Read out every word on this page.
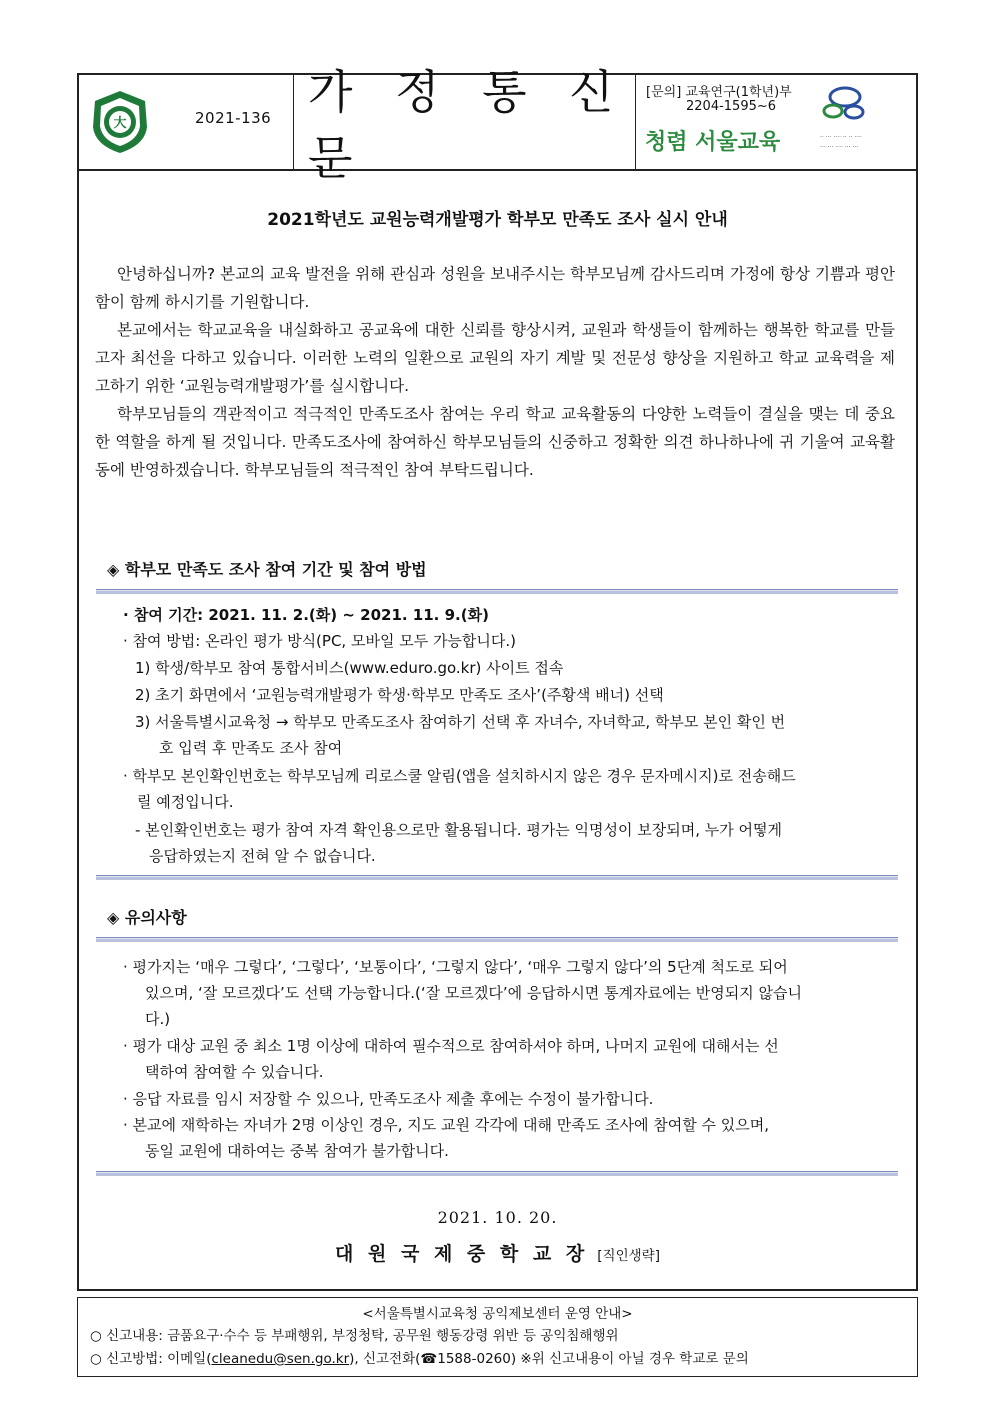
大	2021-136 가 정 통 신 문
[문의] 교육연구(1학년)부
2204-1595~6
청렴 서울교육	·· ··· ···· ·· ·· ····
··· ··· ···· ··· ···
2021학년도 교원능력개발평가 학부모 만족도 조사 실시 안내
안녕하십니까? 본교의 교육 발전을 위해 관심과 성원을 보내주시는 학부모님께 감사드리며 가정에 항상 기쁨과 평안함이 함께 하시기를 기원합니다.
본교에서는 학교교육을 내실화하고 공교육에 대한 신뢰를 향상시켜, 교원과 학생들이 함께하는 행복한 학교를 만들고자 최선을 다하고 있습니다. 이러한 노력의 일환으로 교원의 자기 계발 및 전문성 향상을 지원하고 학교 교육력을 제고하기 위한 ‘교원능력개발평가’를 실시합니다.
학부모님들의 객관적이고 적극적인 만족도조사 참여는 우리 학교 교육활동의 다양한 노력들이 결실을 맺는 데 중요한 역할을 하게 될 것입니다. 만족도조사에 참여하신 학부모님들의 신중하고 정확한 의견 하나하나에 귀 기울여 교육활동에 반영하겠습니다. 학부모님들의 적극적인 참여 부탁드립니다.
◈ 학부모 만족도 조사 참여 기간 및 참여 방법
· 참여 기간: 2021. 11. 2.(화) ~ 2021. 11. 9.(화)
· 참여 방법: 온라인 평가 방식(PC, 모바일 모두 가능합니다.)
1) 학생/학부모 참여 통합서비스(www.eduro.go.kr) 사이트 접속
2) 초기 화면에서 ‘교원능력개발평가 학생·학부모 만족도 조사’(주황색 배너) 선택
3) 서울특별시교육청 → 학부모 만족도조사 참여하기 선택 후 자녀수, 자녀학교, 학부모 본인 확인 번
호 입력 후 만족도 조사 참여
· 학부모 본인확인번호는 학부모님께 리로스쿨 알림(앱을 설치하시지 않은 경우 문자메시지)로 전송해드
릴 예정입니다.
- 본인확인번호는 평가 참여 자격 확인용으로만 활용됩니다. 평가는 익명성이 보장되며, 누가 어떻게
응답하였는지 전혀 알 수 없습니다.
◈ 유의사항
· 평가지는 ‘매우 그렇다’, ‘그렇다’, ‘보통이다’, ‘그렇지 않다’, ‘매우 그렇지 않다’의 5단계 척도로 되어
있으며, ‘잘 모르겠다’도 선택 가능합니다.(‘잘 모르겠다’에 응답하시면 통계자료에는 반영되지 않습니
다.)
· 평가 대상 교원 중 최소 1명 이상에 대하여 필수적으로 참여하셔야 하며, 나머지 교원에 대해서는 선
택하여 참여할 수 있습니다.
· 응답 자료를 임시 저장할 수 있으나, 만족도조사 제출 후에는 수정이 불가합니다.
· 본교에 재학하는 자녀가 2명 이상인 경우, 지도 교원 각각에 대해 만족도 조사에 참여할 수 있으며,
동일 교원에 대하여는 중복 참여가 불가합니다.
2021. 10. 20.
대 원 국 제 중 학 교 장 [직인생략]
<서울특별시교육청 공익제보센터 운영 안내>
○ 신고내용: 금품요구·수수 등 부패행위, 부정청탁, 공무원 행동강령 위반 등 공익침해행위
○ 신고방법: 이메일(cleanedu@sen.go.kr), 신고전화(☎1588-0260) ※위 신고내용이 아닐 경우 학교로 문의
